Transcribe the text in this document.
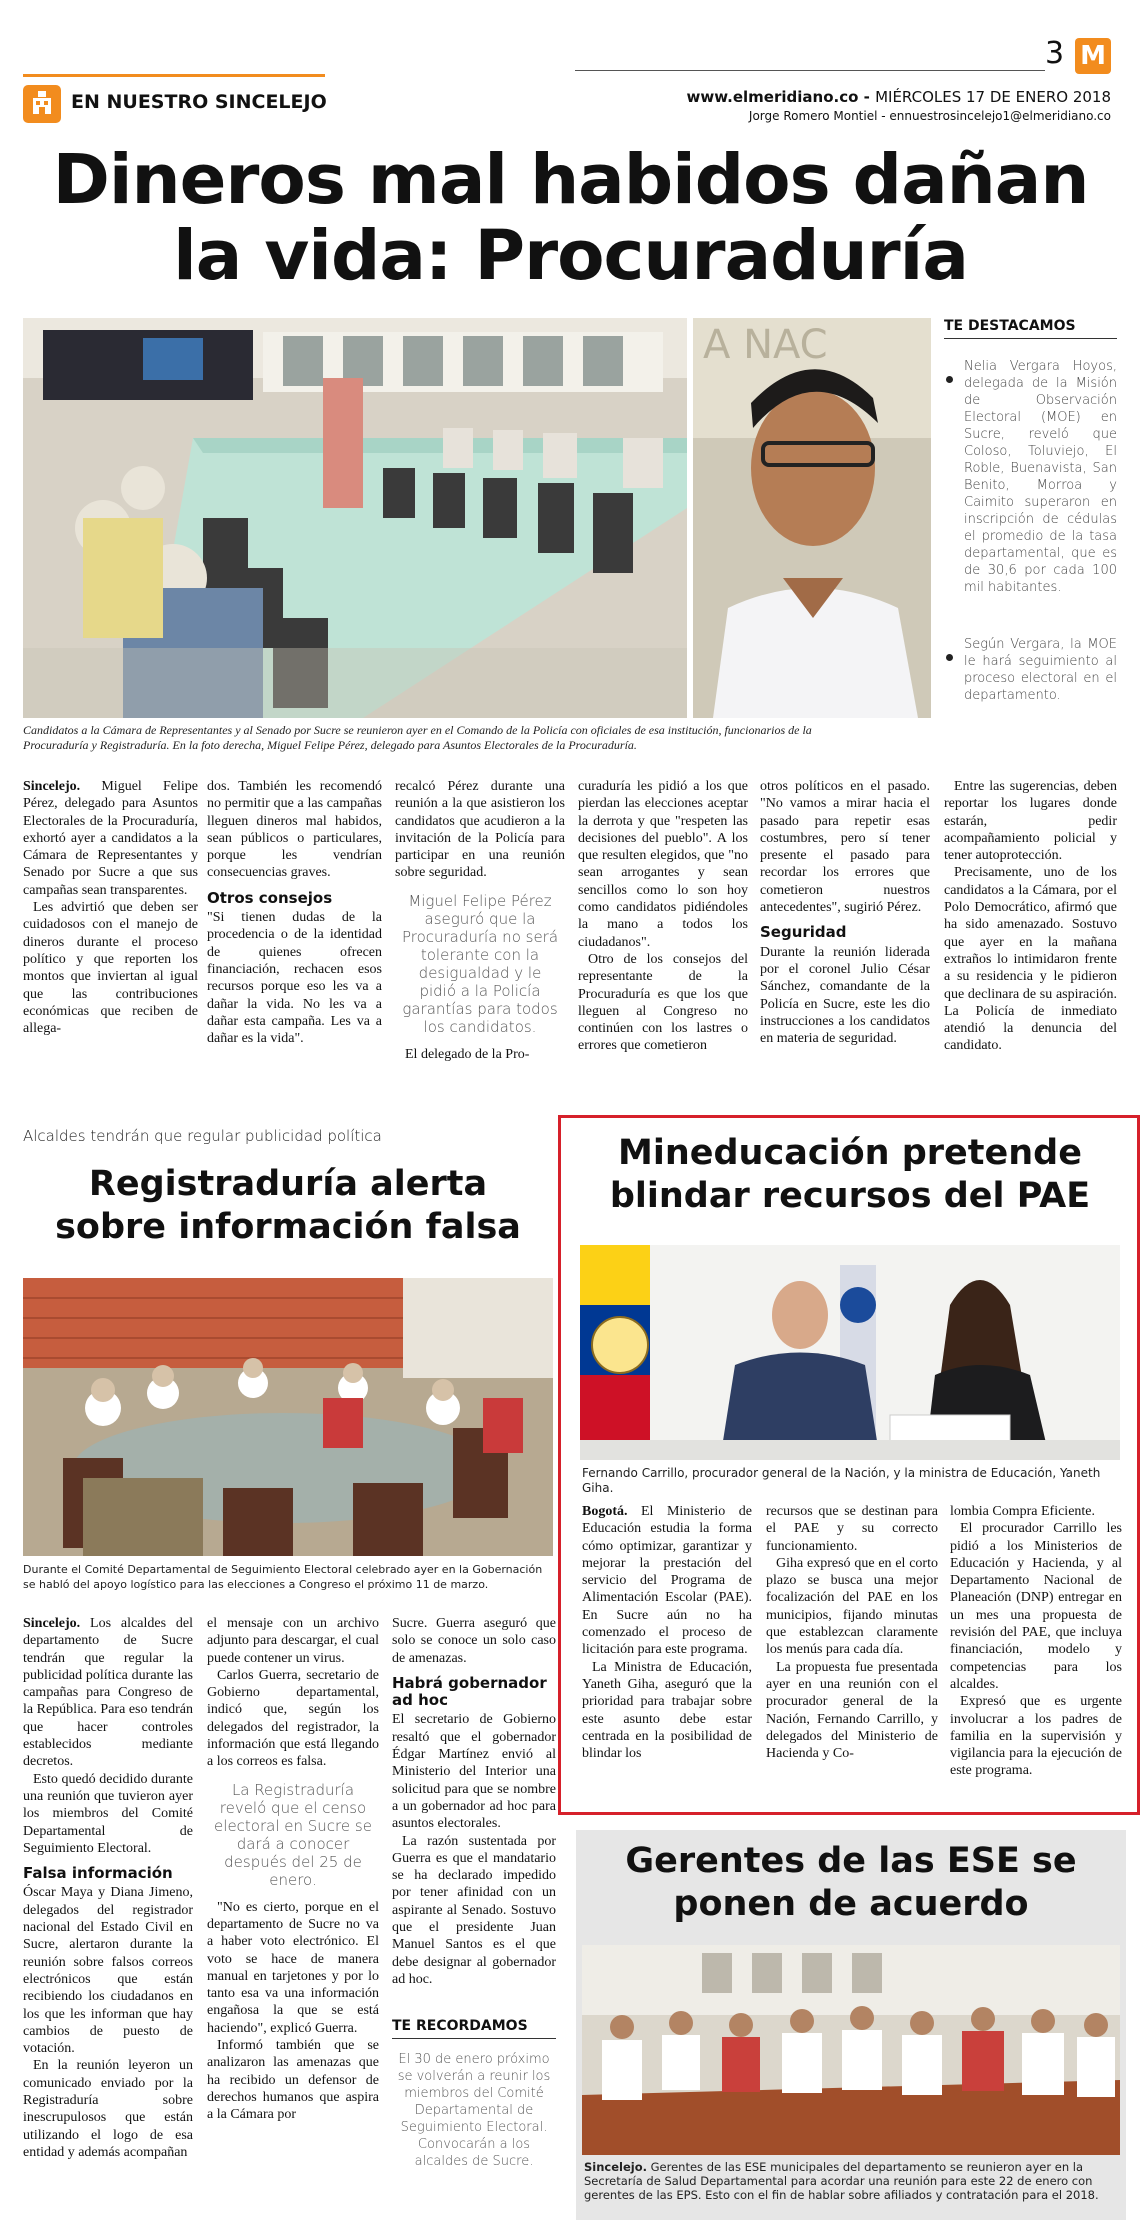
EN NUESTRO SINCELEJO
3 M
www.elmeridiano.co - MIÉRCOLES 17 DE ENERO 2018
Jorge Romero Montiel - ennuestrosincelejo1@elmeridiano.co
Dineros mal habidos dañan
la vida: Procuraduría
A NAC
Candidatos a la Cámara de Representantes y al Senado por Sucre se reunieron ayer en el Comando de la Policía con oficiales de esa institución, funcionarios de la
Procuraduría y Registraduría. En la foto derecha, Miguel Felipe Pérez, delegado para Asuntos Electorales de la Procuraduría.
TE DESTACAMOS
Nelia Vergara Hoyos, delegada de la Misión de Observación Electoral (MOE) en Sucre, reveló que Coloso, Toluviejo, El Roble, Buenavista, San Benito, Morroa y Caimito superaron en inscripción de cédulas el promedio de la tasa departamental, que es de 30,6 por cada 100 mil habitantes.
Según Vergara, la MOE le hará seguimiento al proceso electoral en el departamento.

Sincelejo. Miguel Felipe Pérez, delegado para Asuntos Electorales de la Procuraduría, exhortó ayer a candidatos a la Cámara de Representantes y Senado por Sucre a que sus campañas sean transparentes.

Les advirtió que deben ser cuidadosos con el manejo de dineros durante el proceso político y que reporten los montos que inviertan al igual que las contribuciones económicas que reciben de allega-

dos. También les recomendó no permitir que a las campañas lleguen dineros mal habidos, sean públicos o particulares, porque les vendrían consecuencias graves.

Otros consejos

"Si tienen dudas de la procedencia o de la identidad de quienes ofrecen financiación, rechacen esos recursos porque eso les va a dañar la vida. No les va a dañar esta campaña. Les va a dañar es la vida".

recalcó Pérez durante una reunión a la que asistieron los candidatos que acudieron a la invitación de la Policía para participar en una reunión sobre seguridad.

Miguel Felipe Pérez aseguró que la Procuraduría no será tolerante con la desigualdad y le pidió a la Policía garantías para todos los candidatos.

El delegado de la Pro-

curaduría les pidió a los que pierdan las elecciones aceptar la derrota y que "respeten las decisiones del pueblo". A los que resulten elegidos, que "no sean arrogantes y sean sencillos como lo son hoy como candidatos pidiéndoles la mano a todos los ciudadanos".

Otro de los consejos del representante de la Procuraduría es que los que lleguen al Congreso no continúen con los lastres o errores que cometieron

otros políticos en el pasado. "No vamos a mirar hacia el pasado para repetir esas costumbres, pero sí tener presente el pasado para recordar los errores que cometieron nuestros antecedentes", sugirió Pérez.

Seguridad

Durante la reunión liderada por el coronel Julio César Sánchez, comandante de la Policía en Sucre, este les dio instrucciones a los candidatos en materia de seguridad.

Entre las sugerencias, deben reportar los lugares donde estarán, pedir acompañamiento policial y tener autoprotección.

Precisamente, uno de los candidatos a la Cámara, por el Polo Democrático, afirmó que ha sido amenazado. Sostuvo que ayer en la mañana extraños lo intimidaron frente a su residencia y le pidieron que declinara de su aspiración. La Policía de inmediato atendió la denuncia del candidato.

Alcaldes tendrán que regular publicidad política
Registraduría alerta
sobre información falsa
Durante el Comité Departamental de Seguimiento Electoral celebrado ayer en la Gobernación se habló del apoyo logístico para las elecciones a Congreso el próximo 11 de marzo.

Sincelejo. Los alcaldes del departamento de Sucre tendrán que regular la publicidad política durante las campañas para Congreso de la República. Para eso tendrán que hacer controles establecidos mediante decretos.

Esto quedó decidido durante una reunión que tuvieron ayer los miembros del Comité Departamental de Seguimiento Electoral.

Falsa información

Óscar Maya y Diana Jimeno, delegados del registrador nacional del Estado Civil en Sucre, alertaron durante la reunión sobre falsos correos electrónicos que están recibiendo los ciudadanos en los que les informan que hay cambios de puesto de votación.

En la reunión leyeron un comunicado enviado por la Registraduría sobre inescrupulosos que están utilizando el logo de esa entidad y además acompañan

el mensaje con un archivo adjunto para descargar, el cual puede contener un virus.

Carlos Guerra, secretario de Gobierno departamental, indicó que, según los delegados del registrador, la información que está llegando a los correos es falsa.

La Registraduría reveló que el censo electoral en Sucre se dará a conocer después del 25 de enero.

"No es cierto, porque en el departamento de Sucre no va a haber voto electrónico. El voto se hace de manera manual en tarjetones y por lo tanto esa va una información engañosa la que se está haciendo", explicó Guerra.

Informó también que se analizaron las amenazas que ha recibido un defensor de derechos humanos que aspira a la Cámara por

Sucre. Guerra aseguró que solo se conoce un solo caso de amenazas.

Habrá gobernador ad hoc

El secretario de Gobierno resaltó que el gobernador Édgar Martínez envió al Ministerio del Interior una solicitud para que se nombre a un gobernador ad hoc para asuntos electorales.

La razón sustentada por Guerra es que el mandatario se ha declarado impedido por tener afinidad con un aspirante al Senado. Sostuvo que el presidente Juan Manuel Santos es el que debe designar al gobernador ad hoc.

TE RECORDAMOS
El 30 de enero próximo se volverán a reunir los miembros del Comité Departamental de Seguimiento Electoral. Convocarán a los alcaldes de Sucre.
Mineducación pretende
blindar recursos del PAE
Fernando Carrillo, procurador general de la Nación, y la ministra de Educación, Yaneth Giha.

Bogotá. El Ministerio de Educación estudia la forma cómo optimizar, garantizar y mejorar la prestación del servicio del Programa de Alimentación Escolar (PAE). En Sucre aún no ha comenzado el proceso de licitación para este programa.

La Ministra de Educación, Yaneth Giha, aseguró que la prioridad para trabajar sobre este asunto debe estar centrada en la posibilidad de blindar los

recursos que se destinan para el PAE y su correcto funcionamiento.

Giha expresó que en el corto plazo se busca una mejor focalización del PAE en los municipios, fijando minutas que establezcan claramente los menús para cada día.

La propuesta fue presentada ayer en una reunión con el procurador general de la Nación, Fernando Carrillo, y delegados del Ministerio de Hacienda y Co-

lombia Compra Eficiente.

El procurador Carrillo les pidió a los Ministerios de Educación y Hacienda, y al Departamento Nacional de Planeación (DNP) entregar en un mes una propuesta de revisión del PAE, que incluya financiación, modelo y competencias para los alcaldes.

Expresó que es urgente involucrar a los padres de familia en la supervisión y vigilancia para la ejecución de este programa.

Gerentes de las ESE se
ponen de acuerdo
Sincelejo. Gerentes de las ESE municipales del departamento se reunieron ayer en la Secretaría de Salud Departamental para acordar una reunión para este 22 de enero con gerentes de las EPS. Esto con el fin de hablar sobre afiliados y contratación para el 2018.
